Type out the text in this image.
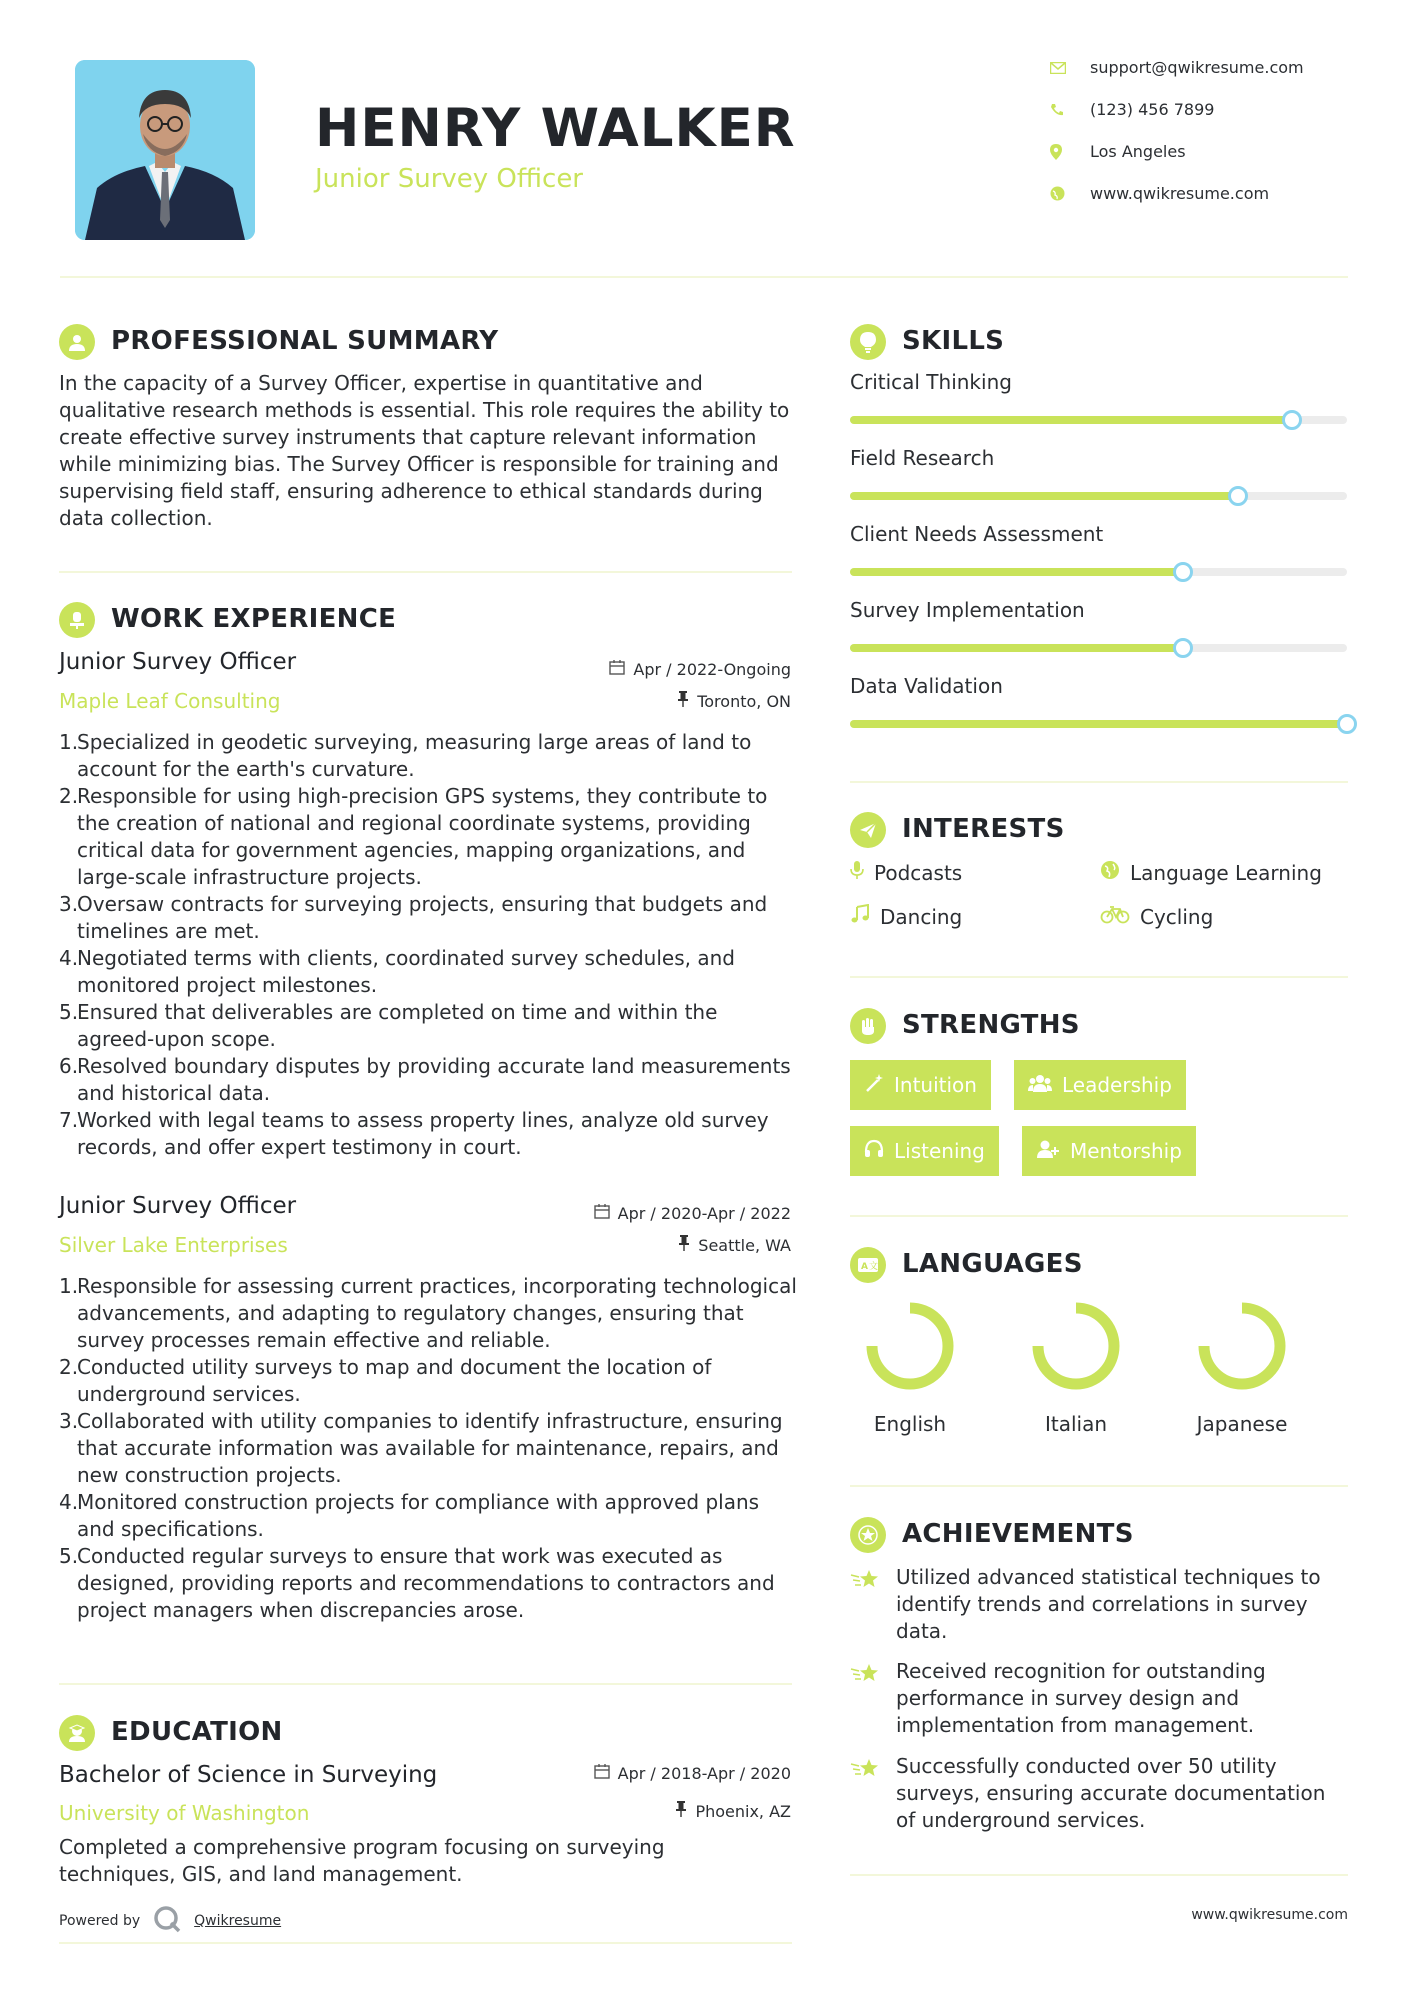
HENRY WALKER
Junior Survey Officer
support@qwikresume.com
(123) 456 7899
Los Angeles
www.qwikresume.com
PROFESSIONAL SUMMARY
In the capacity of a Survey Officer, expertise in quantitative and qualitative research methods is essential. This role requires the ability to create effective survey instruments that capture relevant information while minimizing bias. The Survey Officer is responsible for training and supervising field staff, ensuring adherence to ethical standards during data collection.
WORK EXPERIENCE
Junior Survey Officer	Apr / 2022-Ongoing
Maple Leaf Consulting	Toronto, ON
1.
Specialized in geodetic surveying, measuring large areas of land to account for the earth's curvature.
2.
Responsible for using high-precision GPS systems, they contribute to the creation of national and regional coordinate systems, providing critical data for government agencies, mapping organizations, and large-scale infrastructure projects.
3.
Oversaw contracts for surveying projects, ensuring that budgets and timelines are met.
4.
Negotiated terms with clients, coordinated survey schedules, and monitored project milestones.
5.
Ensured that deliverables are completed on time and within the agreed-upon scope.
6.
Resolved boundary disputes by providing accurate land measurements and historical data.
7.
Worked with legal teams to assess property lines, analyze old survey records, and offer expert testimony in court.
Junior Survey Officer	Apr / 2020-Apr / 2022
Silver Lake Enterprises	Seattle, WA
1.
Responsible for assessing current practices, incorporating technological advancements, and adapting to regulatory changes, ensuring that survey processes remain effective and reliable.
2.
Conducted utility surveys to map and document the location of underground services.
3.
Collaborated with utility companies to identify infrastructure, ensuring that accurate information was available for maintenance, repairs, and new construction projects.
4.
Monitored construction projects for compliance with approved plans and specifications.
5.
Conducted regular surveys to ensure that work was executed as designed, providing reports and recommendations to contractors and project managers when discrepancies arose.
EDUCATION
Bachelor of Science in Surveying	Apr / 2018-Apr / 2020
University of Washington	Phoenix, AZ
Completed a comprehensive program focusing on surveying techniques, GIS, and land management.
Powered by	Qwikresume
SKILLS
Critical Thinking
Field Research
Client Needs Assessment
Survey Implementation
Data Validation
INTERESTS
Podcasts	Language Learning
Dancing	Cycling
STRENGTHS
Intuition	Leadership
Listening	Mentorship
A 文 LANGUAGES
English	Italian	Japanese
ACHIEVEMENTS
Utilized advanced statistical techniques to identify trends and correlations in survey data.
Received recognition for outstanding performance in survey design and implementation from management.
Successfully conducted over 50 utility surveys, ensuring accurate documentation of underground services.
www.qwikresume.com
